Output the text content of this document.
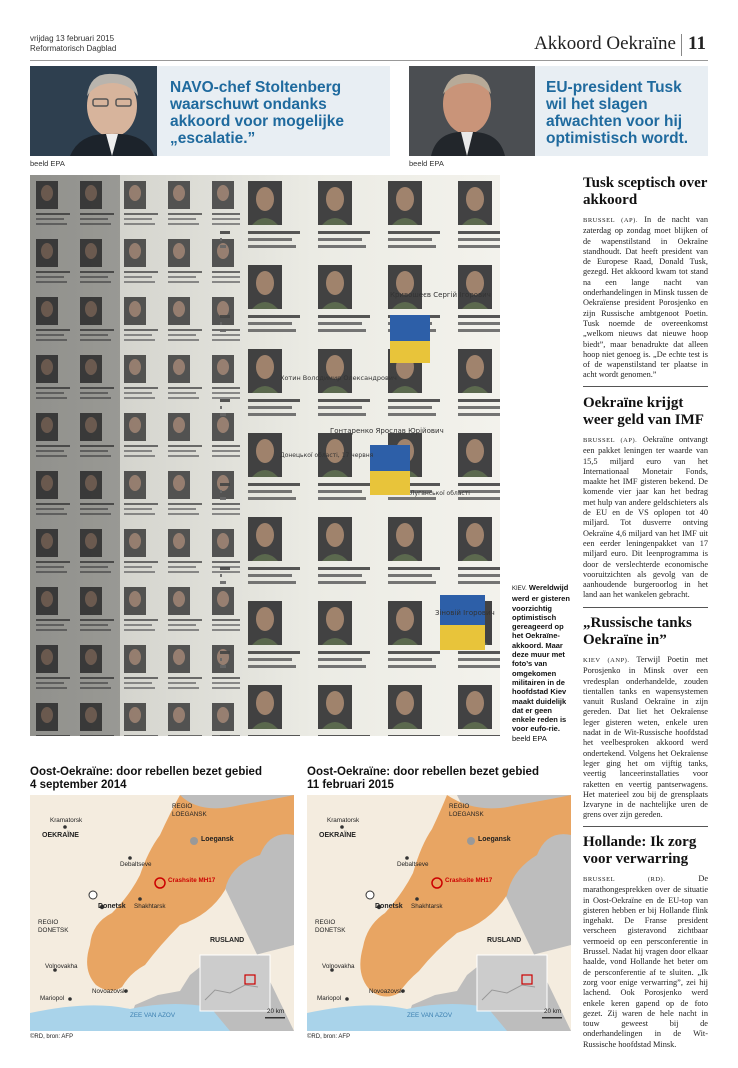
vrijdag 13 februari 2015
Reformatorisch Dagblad	Akkoord Oekraïne 11
NAVO-chef Stoltenberg waarschuwt ondanks akkoord voor mogelijke „escalatie.”
beeld EPA
EU-president Tusk wil het slagen afwachten voor hij optimistisch wordt.
beeld EPA
Кривошеєв Сергій Ігорович
Хотин Володимир Олександрович
Гонтаренко Ярослав Юрійович
Зіновій Ігорович
Донецької області, 17 червня
Луганської області
KIEV. Wereldwijd werd er gisteren voorzichtig optimistisch gereageerd op het Oekraïne-akkoord. Maar deze muur met foto’s van omgekomen militairen in de hoofdstad Kiev maakt duidelijk dat er geen enkele reden is voor eufo-rie. beeld EPA
Tusk sceptisch over akkoord

BRUSSEL (AP). In de nacht van zaterdag op zondag moet blijken of de wapenstilstand in Oekraïne standhoudt. Dat heeft president van de Europese Raad, Donald Tusk, gezegd. Het akkoord kwam tot stand na een lange nacht van onderhandelingen in Minsk tussen de Oekraïense president Porosjenko en zijn Russische ambtgenoot Poetin. Tusk noemde de overeenkomst „welkom nieuws dat nieuwe hoop biedt”, maar benadrukte dat alleen hoop niet genoeg is. „De echte test is of de wapenstilstand ter plaatse in acht wordt genomen.”

Oekraïne krijgt weer geld van IMF

BRUSSEL (AP). Oekraïne ontvangt een pakket leningen ter waarde van 15,5 miljard euro van het Internationaal Monetair Fonds, maakte het IMF gisteren bekend. De komende vier jaar kan het bedrag met hulp van andere geldschieters als de EU en de VS oplopen tot 40 miljard. Tot dusverre ontving Oekraïne 4,6 miljard van het IMF uit een eerder leningenpakket van 17 miljard euro. Dit leenprogramma is door de verslechterde economische vooruitzichten als gevolg van de aanhoudende burgeroorlog in het land aan het wankelen gebracht.

„Russische tanks Oekraïne in”

KIEV (ANP). Terwijl Poetin met Porosjenko in Minsk over een vredesplan onderhandelde, zouden tientallen tanks en wapensystemen vanuit Rusland Oekraïne in zijn gereden. Dat liet het Oekraïense leger gisteren weten, enkele uren nadat in de Wit-Russische hoofdstad het veelbesproken akkoord werd ondertekend. Volgens het Oekraïense leger ging het om vijftig tanks, veertig lanceerinstallaties voor raketten en veertig pantserwagens. Het materieel zou bij de grensplaats Izvaryne in de nachtelijke uren de grens over zijn gereden.

Hollande: Ik zorg voor verwarring

BRUSSEL (RD).	De marathongesprekken over de situatie in Oost-Oekraïne en de EU-top van gisteren hebben er bij Hollande flink ingehakt. De Franse president verscheen gisteravond zichtbaar vermoeid op een persconferentie in Brussel. Nadat hij vragen door elkaar haalde, vond Hollande het beter om de persconferentie af te sluiten. „Ik zorg voor enige verwarring”, zei hij lachend. Ook Porosjenko werd enkele keren gapend op de foto gezet. Zij waren de hele nacht in touw geweest bij de onderhandelingen in de Wit-Russische hoofdstad Minsk.

Oost-Oekraïne: door rebellen bezet gebied
4 september 2014
Kramatorsk
REGIO LOEGANSK
OEKRAÏNE
Loegansk
Debaltseve
Crashsite MH17
Shakhtarsk
Donetsk
REGIO DONETSK
RUSLAND
Volnovakha
Mariopol
Novoazovsk
ZEE VAN AZOV
20 km
©RD, bron: AFP
Oost-Oekraïne: door rebellen bezet gebied
11 februari 2015
Kramatorsk
REGIO LOEGANSK
OEKRAÏNE
Loegansk
Debaltseve
Crashsite MH17
Shakhtarsk
Donetsk
REGIO DONETSK
RUSLAND
Volnovakha
Mariopol
Novoazovsk
ZEE VAN AZOV
20 km
©RD, bron: AFP
